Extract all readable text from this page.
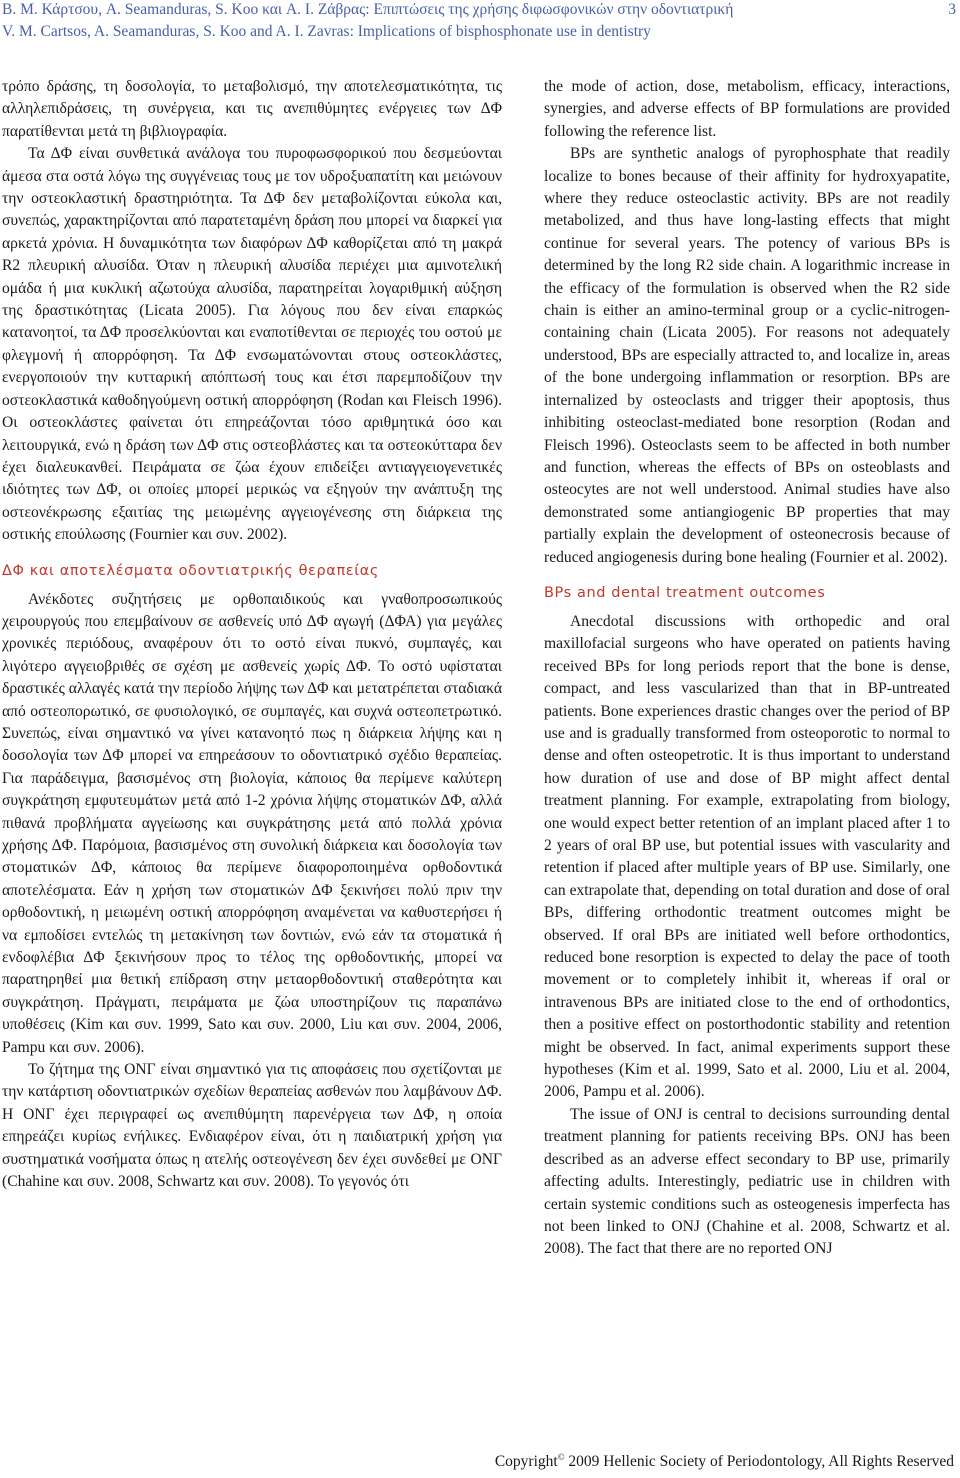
B. M. Κάρτσου, A. Seamanduras, S. Koo και A. I. Ζάβρας: Επιπτώσεις της χρήσης διφωσφονικών στην οδοντιατρική
V. M. Cartsos, A. Seamanduras, S. Koo and A. I. Zavras: Implications of bisphosphonate use in dentistry
3

τρόπο δράσης, τη δοσολογία, το μεταβολισμό, την αποτελεσματικότητα, τις αλληλεπιδράσεις, τη συνέργεια, και τις ανεπιθύμητες ενέργειες των ΔΦ παρατίθενται μετά τη βιβλιογραφία.

Τα ΔΦ είναι συνθετικά ανάλογα του πυροφωσφορικού που δεσμεύονται άμεσα στα οστά λόγω της συγγένειας τους με τον υδροξυαπατίτη και μειώνουν την οστεοκλαστική δραστηριότητα. Τα ΔΦ δεν μεταβολίζονται εύκολα και, συνεπώς, χαρακτηρίζονται από παρατεταμένη δράση που μπορεί να διαρκεί για αρκετά χρόνια. Η δυναμικότητα των διαφόρων ΔΦ καθορίζεται από τη μακρά R2 πλευρική αλυσίδα. Όταν η πλευρική αλυσίδα περιέχει μια αμινοτελική ομάδα ή μια κυκλική αζωτούχα αλυσίδα, παρατηρείται λογαριθμική αύξηση της δραστικότητας (Licata 2005). Για λόγους που δεν είναι επαρκώς κατανοητοί, τα ΔΦ προσελκύονται και εναποτίθενται σε περιοχές του οστού με φλεγμονή ή απορρόφηση. Τα ΔΦ ενσωματώνονται στους οστεοκλάστες, ενεργοποιούν την κυτταρική απόπτωσή τους και έτσι παρεμποδίζουν την οστεοκλαστικά καθοδηγούμενη οστική απορρόφηση (Rodan και Fleisch 1996). Οι οστεοκλάστες φαίνεται ότι επηρεάζονται τόσο αριθμητικά όσο και λειτουργικά, ενώ η δράση των ΔΦ στις οστεοβλάστες και τα οστεοκύτταρα δεν έχει διαλευκανθεί. Πειράματα σε ζώα έχουν επιδείξει αντιαγγειογενετικές ιδιότητες των ΔΦ, οι οποίες μπορεί μερικώς να εξηγούν την ανάπτυξη της οστεονέκρωσης εξαιτίας της μειωμένης αγγειογένεσης στη διάρκεια της οστικής επούλωσης (Fournier και συν. 2002).

ΔΦ και αποτελέσματα οδοντιατρικής θεραπείας

Ανέκδοτες συζητήσεις με ορθοπαιδικούς και γναθοπροσωπικούς χειρουργούς που επεμβαίνουν σε ασθενείς υπό ΔΦ αγωγή (ΔΦΑ) για μεγάλες χρονικές περιόδους, αναφέρουν ότι το οστό είναι πυκνό, συμπαγές, και λιγότερο αγγειοβριθές σε σχέση με ασθενείς χωρίς ΔΦ. Το οστό υφίσταται δραστικές αλλαγές κατά την περίοδο λήψης των ΔΦ και μετατρέπεται σταδιακά από οστεοπορωτικό, σε φυσιολογικό, σε συμπαγές, και συχνά οστεοπετρωτικό. Συνεπώς, είναι σημαντικό να γίνει κατανοητό πως η διάρκεια λήψης και η δοσολογία των ΔΦ μπορεί να επηρεάσουν το οδοντιατρικό σχέδιο θεραπείας. Για παράδειγμα, βασισμένος στη βιολογία, κάποιος θα περίμενε καλύτερη συγκράτηση εμφυτευμάτων μετά από 1-2 χρόνια λήψης στοματικών ΔΦ, αλλά πιθανά προβλήματα αγγείωσης και συγκράτησης μετά από πολλά χρόνια χρήσης ΔΦ. Παρόμοια, βασισμένος στη συνολική διάρκεια και δοσολογία των στοματικών ΔΦ, κάποιος θα περίμενε διαφοροποιημένα ορθοδοντικά αποτελέσματα. Εάν η χρήση των στοματικών ΔΦ ξεκινήσει πολύ πριν την ορθοδοντική, η μειωμένη οστική απορρόφηση αναμένεται να καθυστερήσει ή να εμποδίσει εντελώς τη μετακίνηση των δοντιών, ενώ εάν τα στοματικά ή ενδοφλέβια ΔΦ ξεκινήσουν προς το τέλος της ορθοδοντικής, μπορεί να παρατηρηθεί μια θετική επίδραση στην μεταορθοδοντική σταθερότητα και συγκράτηση. Πράγματι, πειράματα με ζώα υποστηρίζουν τις παραπάνω υποθέσεις (Kim και συν. 1999, Sato και συν. 2000, Liu και συν. 2004, 2006, Pampu και συν. 2006).

Το ζήτημα της ΟΝΓ είναι σημαντικό για τις αποφάσεις που σχετίζονται με την κατάρτιση οδοντιατρικών σχεδίων θεραπείας ασθενών που λαμβάνουν ΔΦ. Η ΟΝΓ έχει περιγραφεί ως ανεπιθύμητη παρενέργεια των ΔΦ, η οποία επηρεάζει κυρίως ενήλικες. Ενδιαφέρον είναι, ότι η παιδιατρική χρήση για συστηματικά νοσήματα όπως η ατελής οστεογένεση δεν έχει συνδεθεί με ΟΝΓ (Chahine και συν. 2008, Schwartz και συν. 2008). Το γεγονός ότι

the mode of action, dose, metabolism, efficacy, interactions, synergies, and adverse effects of BP formulations are provided following the reference list.

BPs are synthetic analogs of pyrophosphate that readily localize to bones because of their affinity for hydroxyapatite, where they reduce osteoclastic activity. BPs are not readily metabolized, and thus have long-lasting effects that might continue for several years. The potency of various BPs is determined by the long R2 side chain. A logarithmic increase in the efficacy of the formulation is observed when the R2 side chain is either an amino-terminal group or a cyclic-nitrogen-containing chain (Licata 2005). For reasons not adequately understood, BPs are especially attracted to, and localize in, areas of the bone undergoing inflammation or resorption. BPs are internalized by osteoclasts and trigger their apoptosis, thus inhibiting osteoclast-mediated bone resorption (Rodan and Fleisch 1996). Osteoclasts seem to be affected in both number and function, whereas the effects of BPs on osteoblasts and osteocytes are not well understood. Animal studies have also demonstrated some antiangiogenic BP properties that may partially explain the development of osteonecrosis because of reduced angiogenesis during bone healing (Fournier et al. 2002).

BPs and dental treatment outcomes

Anecdotal discussions with orthopedic and oral maxillofacial surgeons who have operated on patients having received BPs for long periods report that the bone is dense, compact, and less vascularized than that in BP-untreated patients. Bone experiences drastic changes over the period of BP use and is gradually transformed from osteoporotic to normal to dense and often osteopetrotic. It is thus important to understand how duration of use and dose of BP might affect dental treatment planning. For example, extrapolating from biology, one would expect better retention of an implant placed after 1 to 2 years of oral BP use, but potential issues with vascularity and retention if placed after multiple years of BP use. Similarly, one can extrapolate that, depending on total duration and dose of oral BPs, differing orthodontic treatment outcomes might be observed. If oral BPs are initiated well before orthodontics, reduced bone resorption is expected to delay the pace of tooth movement or to completely inhibit it, whereas if oral or intravenous BPs are initiated close to the end of orthodontics, then a positive effect on postorthodontic stability and retention might be observed. In fact, animal experiments support these hypotheses (Kim et al. 1999, Sato et al. 2000, Liu et al. 2004, 2006, Pampu et al. 2006).

The issue of ONJ is central to decisions surrounding dental treatment planning for patients receiving BPs. ONJ has been described as an adverse effect secondary to BP use, primarily affecting adults. Interestingly, pediatric use in children with certain systemic conditions such as osteogenesis imperfecta has not been linked to ONJ (Chahine et al. 2008, Schwartz et al. 2008). The fact that there are no reported ONJ

Copyright© 2009 Hellenic Society of Periodontology, All Rights Reserved
